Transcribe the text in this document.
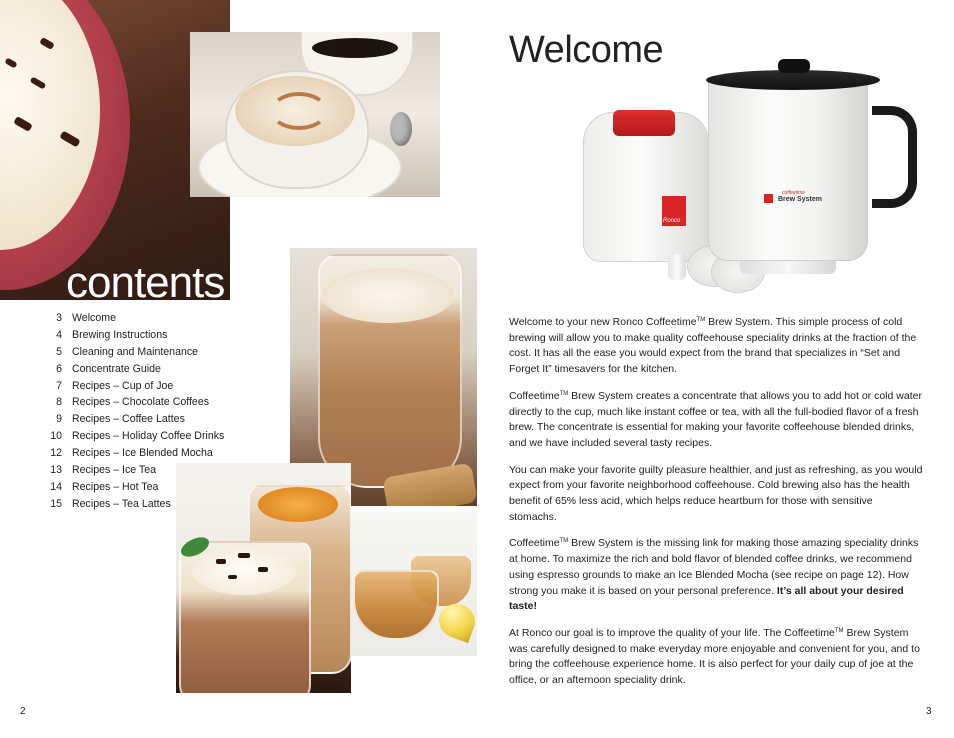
contents
3 Welcome
4 Brewing Instructions
5 Cleaning and Maintenance
6 Concentrate Guide
7 Recipes – Cup of Joe
8 Recipes – Chocolate Coffees
9 Recipes – Coffee Lattes
10 Recipes – Holiday Coffee Drinks
12 Recipes – Ice Blended Mocha
13 Recipes – Ice Tea
14 Recipes – Hot Tea
15 Recipes – Tea Lattes
2
Welcome
Ronco
coffeetime
Brew System

Welcome to your new Ronco Coffeetime™ Brew System. This simple process of cold brewing will allow you to make quality coffeehouse speciality drinks at the fraction of the cost. It has all the ease you would expect from the brand that specializes in “Set and Forget It” timesavers for the kitchen.

Coffeetime™ Brew System creates a concentrate that allows you to add hot or cold water directly to the cup, much like instant coffee or tea, with all the full-bodied flavor of a fresh brew. The concentrate is essential for making your favorite coffeehouse blended drinks, and we have included several tasty recipes.

You can make your favorite guilty pleasure healthier, and just as refreshing, as you would expect from your favorite neighborhood coffeehouse. Cold brewing also has the health benefit of 65% less acid, which helps reduce heartburn for those with sensitive stomachs.

Coffeetime™ Brew System is the missing link for making those amazing speciality drinks at home. To maximize the rich and bold flavor of blended coffee drinks, we recommend using espresso grounds to make an Ice Blended Mocha (see recipe on page 12). How strong you make it is based on your personal preference. It’s all about your desired taste!

At Ronco our goal is to improve the quality of your life. The Coffeetime™ Brew System was carefully designed to make everyday more enjoyable and convenient for you, and to bring the coffeehouse experience home. It is also perfect for your daily cup of joe at the office, or an afternoon speciality drink.

3
